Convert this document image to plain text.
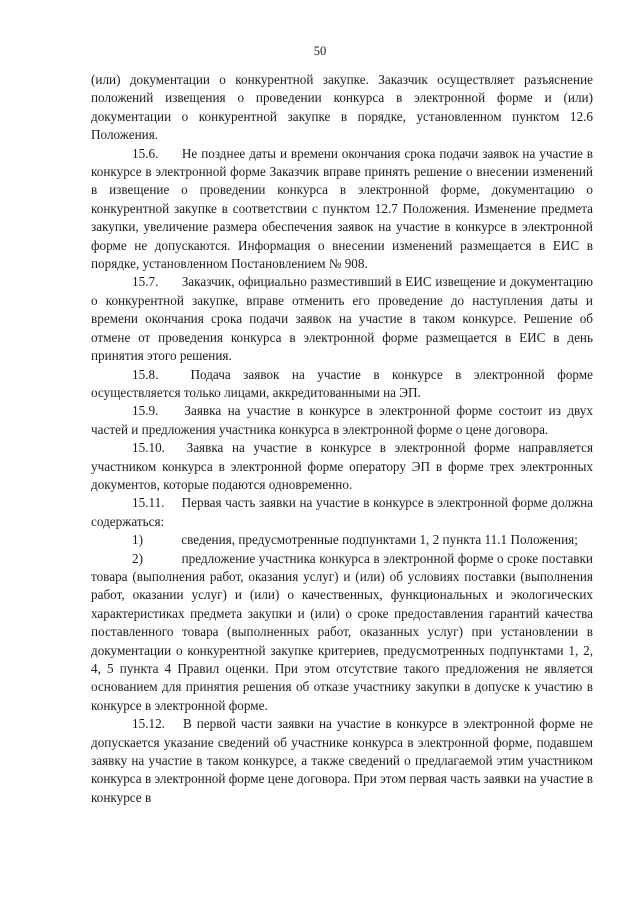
50

(или) документации о конкурентной закупке. Заказчик осуществляет разъяснение положений извещения о проведении конкурса в электронной форме и (или) документации о конкурентной закупке в порядке, установленном пунктом 12.6 Положения.

15.6. Не позднее даты и времени окончания срока подачи заявок на участие в конкурсе в электронной форме Заказчик вправе принять решение о внесении изменений в извещение о проведении конкурса в электронной форме, документацию о конкурентной закупке в соответствии с пунктом 12.7 Положения. Изменение предмета закупки, увеличение размера обеспечения заявок на участие в конкурсе в электронной форме не допускаются. Информация о внесении изменений размещается в ЕИС в порядке, установленном Постановлением № 908.

15.7. Заказчик, официально разместивший в ЕИС извещение и документацию о конкурентной закупке, вправе отменить его проведение до наступления даты и времени окончания срока подачи заявок на участие в таком конкурсе. Решение об отмене от проведения конкурса в электронной форме размещается в ЕИС в день принятия этого решения.

15.8. Подача заявок на участие в конкурсе в электронной форме осуществляется только лицами, аккредитованными на ЭП.

15.9. Заявка на участие в конкурсе в электронной форме состоит из двух частей и предложения участника конкурса в электронной форме о цене договора.

15.10. Заявка на участие в конкурсе в электронной форме направляется участником конкурса в электронной форме оператору ЭП в форме трех электронных документов, которые подаются одновременно.

15.11. Первая часть заявки на участие в конкурсе в электронной форме должна содержаться:

1)	сведения, предусмотренные подпунктами 1, 2 пункта 11.1 Положения;

2)	предложение участника конкурса в электронной форме о сроке поставки товара (выполнения работ, оказания услуг) и (или) об условиях поставки (выполнения работ, оказании услуг) и (или) о качественных, функциональных и экологических характеристиках предмета закупки и (или) о сроке предоставления гарантий качества поставленного товара (выполненных работ, оказанных услуг) при установлении в документации о конкурентной закупке критериев, предусмотренных подпунктами 1, 2, 4, 5 пункта 4 Правил оценки. При этом отсутствие такого предложения не является основанием для принятия решения об отказе участнику закупки в допуске к участию в конкурсе в электронной форме.

15.12. В первой части заявки на участие в конкурсе в электронной форме не допускается указание сведений об участнике конкурса в электронной форме, подавшем заявку на участие в таком конкурсе, а также сведений о предлагаемой этим участником конкурса в электронной форме цене договора. При этом первая часть заявки на участие в конкурсе в
